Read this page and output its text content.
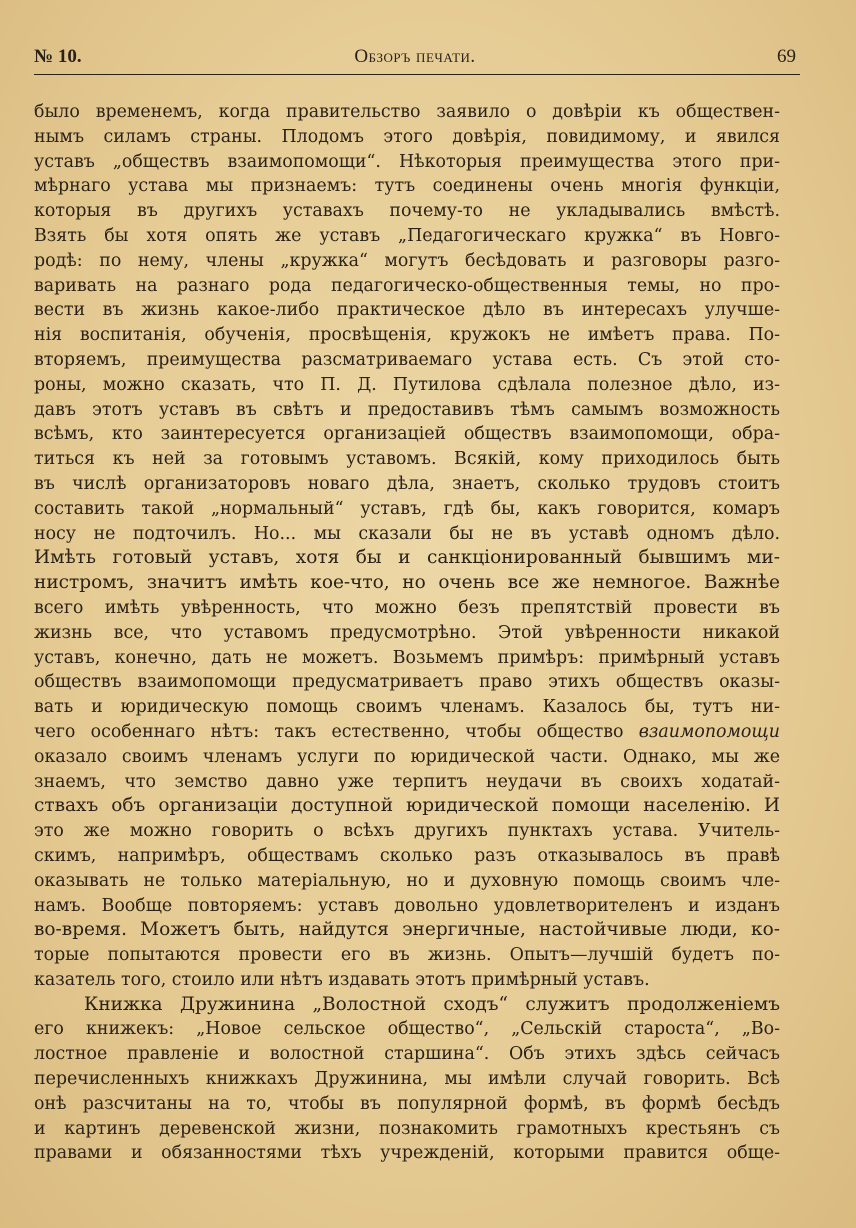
№ 10.	Обзоръ печати.	69
было временемъ, когда правительство заявило о довѣріи къ обществен-
нымъ силамъ страны. Плодомъ этого довѣрія, повидимому, и явился
уставъ „обществъ взаимопомощи“. Нѣкоторыя преимущества этого при-
мѣрнаго устава мы признаемъ: тутъ соединены очень многія функціи,
которыя въ другихъ уставахъ почему-то не укладывались вмѣстѣ.
Взять бы хотя опять же уставъ „Педагогическаго кружка“ въ Новго-
родѣ: по нему, члены „кружка“ могутъ бесѣдовать и разговоры разго-
варивать на разнаго рода педагогическо-общественныя темы, но про-
вести въ жизнь какое-либо практическое дѣло въ интересахъ улучше-
нія воспитанія, обученія, просвѣщенія, кружокъ не имѣетъ права. По-
вторяемъ, преимущества разсматриваемаго устава есть. Съ этой сто-
роны, можно сказать, что П. Д. Путилова сдѣлала полезное дѣло, из-
давъ этотъ уставъ въ свѣтъ и предоставивъ тѣмъ самымъ возможность
всѣмъ, кто заинтересуется организаціей обществъ взаимопомощи, обра-
титься къ ней за готовымъ уставомъ. Всякій, кому приходилось быть
въ числѣ организаторовъ новаго дѣла, знаетъ, сколько трудовъ стоитъ
составить такой „нормальный“ уставъ, гдѣ бы, какъ говорится, комаръ
носу не подточилъ. Но... мы сказали бы не въ уставѣ одномъ дѣло.
Имѣть готовый уставъ, хотя бы и санкціонированный бывшимъ ми-
нистромъ, значитъ имѣть кое-что, но очень все же немногое. Важнѣе
всего имѣть увѣренность, что можно безъ препятствій провести въ
жизнь все, что уставомъ предусмотрѣно. Этой увѣренности никакой
уставъ, конечно, дать не можетъ. Возьмемъ примѣръ: примѣрный уставъ
обществъ взаимопомощи предусматриваетъ право этихъ обществъ оказы-
вать и юридическую помощь своимъ членамъ. Казалось бы, тутъ ни-
чего особеннаго нѣтъ: такъ естественно, чтобы общество взаимопомощи
оказало своимъ членамъ услуги по юридической части. Однако, мы же
знаемъ, что земство давно уже терпитъ неудачи въ своихъ ходатай-
ствахъ объ организаціи доступной юридической помощи населенію. И
это же можно говорить о всѣхъ другихъ пунктахъ устава. Учитель-
скимъ, напримѣръ, обществамъ сколько разъ отказывалось въ правѣ
оказывать не только матеріальную, но и духовную помощь своимъ чле-
намъ. Вообще повторяемъ: уставъ довольно удовлетворителенъ и изданъ
во-время. Можетъ быть, найдутся энергичные, настойчивые люди, ко-
торые попытаются провести его въ жизнь. Опытъ—лучшій будетъ по-
казатель того, стоило или нѣтъ издавать этотъ примѣрный уставъ.
Книжка Дружинина „Волостной сходъ“ служитъ продолженіемъ
его книжекъ: „Новое сельское общество“, „Сельскій староста“, „Во-
лостное правленіе и волостной старшина“. Объ этихъ здѣсь сейчасъ
перечисленныхъ книжкахъ Дружинина, мы имѣли случай говорить. Всѣ
онѣ разсчитаны на то, чтобы въ популярной формѣ, въ формѣ бесѣдъ
и картинъ деревенской жизни, познакомить грамотныхъ крестьянъ съ
правами и обязанностями тѣхъ учрежденій, которыми правится обще-
